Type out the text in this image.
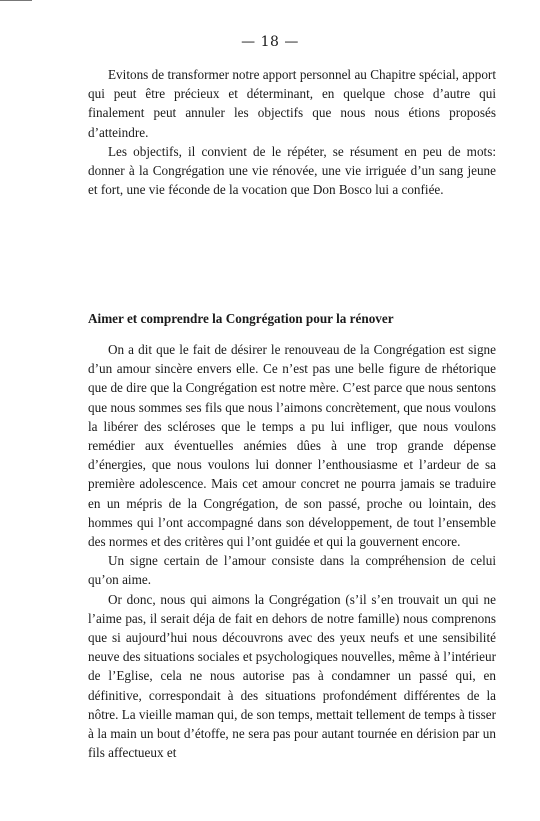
— 18 —

Evitons de transformer notre apport personnel au Chapitre spécial, apport qui peut être précieux et déterminant, en quelque chose d’autre qui finalement peut annuler les objectifs que nous nous étions proposés d’atteindre.

Les objectifs, il convient de le répéter, se résument en peu de mots: donner à la Congrégation une vie rénovée, une vie irriguée d’un sang jeune et fort, une vie féconde de la vocation que Don Bosco lui a confiée.

Aimer et comprendre la Congrégation pour la rénover

On a dit que le fait de désirer le renouveau de la Congrégation est signe d’un amour sincère envers elle. Ce n’est pas une belle figure de rhétorique que de dire que la Congrégation est notre mère. C’est parce que nous sentons que nous sommes ses fils que nous l’aimons concrètement, que nous voulons la libérer des scléroses que le temps a pu lui infliger, que nous voulons remédier aux éventuelles anémies dûes à une trop grande dépense d’énergies, que nous voulons lui donner l’enthousiasme et l’ardeur de sa première adolescence. Mais cet amour concret ne pourra jamais se traduire en un mépris de la Congrégation, de son passé, proche ou lointain, des hommes qui l’ont accompagné dans son développement, de tout l’ensemble des normes et des critères qui l’ont guidée et qui la gouvernent encore.

Un signe certain de l’amour consiste dans la compréhension de celui qu’on aime.

Or donc, nous qui aimons la Congrégation (s’il s’en trouvait un qui ne l’aime pas, il serait déja de fait en dehors de notre famille) nous comprenons que si aujourd’hui nous découvrons avec des yeux neufs et une sensibilité neuve des situations sociales et psychologiques nouvelles, même à l’intérieur de l’Eglise, cela ne nous autorise pas à condamner un passé qui, en définitive, correspondait à des situations profondément différentes de la nôtre. La vieille maman qui, de son temps, mettait tellement de temps à tisser à la main un bout d’étoffe, ne sera pas pour autant tournée en dérision par un fils affectueux et
